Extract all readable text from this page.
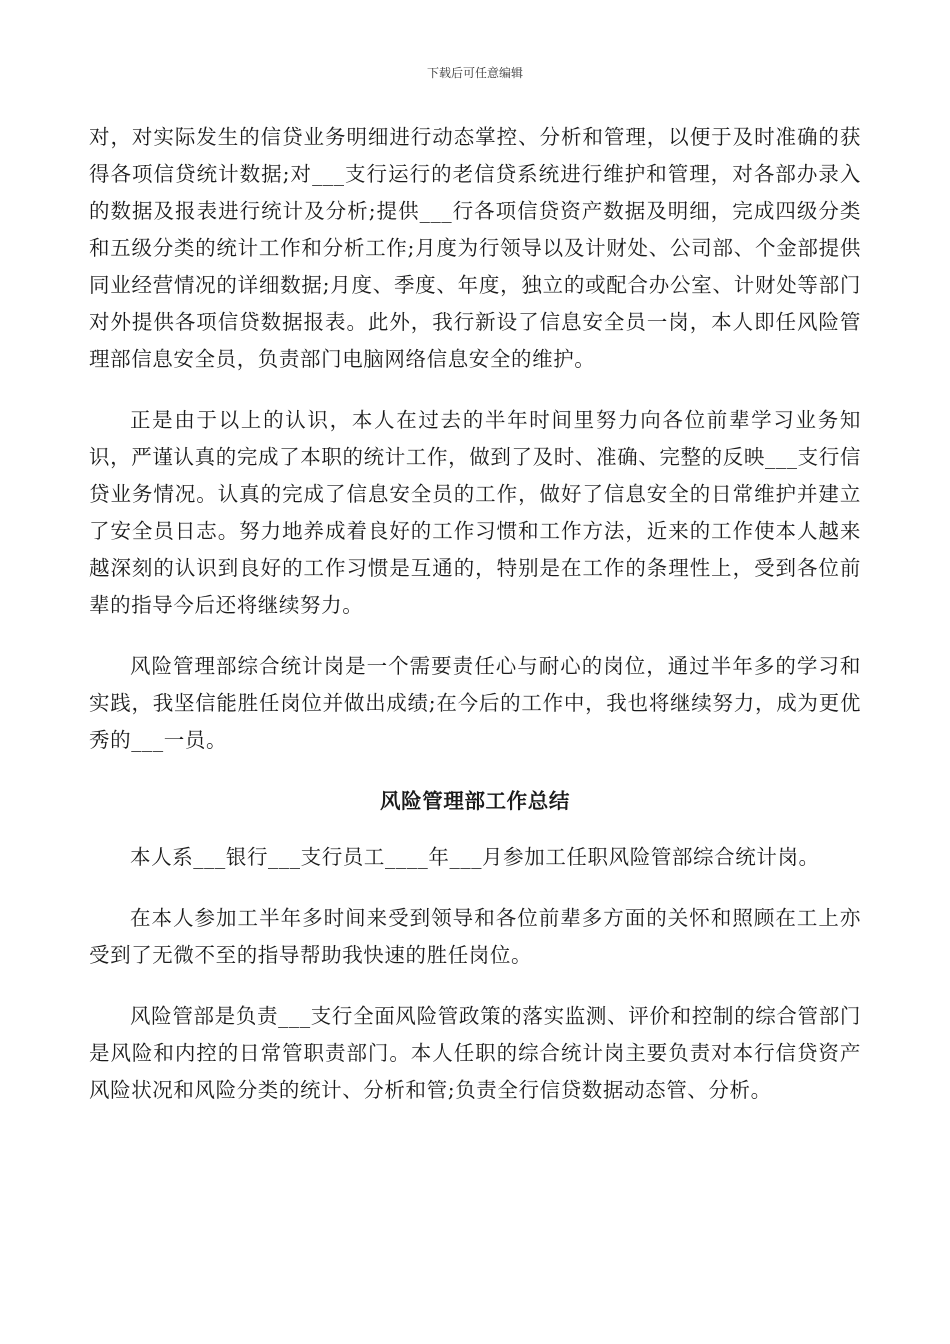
下载后可任意编辑

对，对实际发生的信贷业务明细进行动态掌控、分析和管理，以便于及时准确的获得各项信贷统计数据;对___支行运行的老信贷系统进行维护和管理，对各部办录入的数据及报表进行统计及分析;提供___行各项信贷资产数据及明细，完成四级分类和五级分类的统计工作和分析工作;月度为行领导以及计财处、公司部、个金部提供同业经营情况的详细数据;月度、季度、年度，独立的或配合办公室、计财处等部门对外提供各项信贷数据报表。此外，我行新设了信息安全员一岗，本人即任风险管理部信息安全员，负责部门电脑网络信息安全的维护。

正是由于以上的认识，本人在过去的半年时间里努力向各位前辈学习业务知识，严谨认真的完成了本职的统计工作，做到了及时、准确、完整的反映___支行信贷业务情况。认真的完成了信息安全员的工作，做好了信息安全的日常维护并建立了安全员日志。努力地养成着良好的工作习惯和工作方法，近来的工作使本人越来越深刻的认识到良好的工作习惯是互通的，特别是在工作的条理性上，受到各位前辈的指导今后还将继续努力。

风险管理部综合统计岗是一个需要责任心与耐心的岗位，通过半年多的学习和实践，我坚信能胜任岗位并做出成绩;在今后的工作中，我也将继续努力，成为更优秀的___一员。

风险管理部工作总结

本人系___银行___支行员工____年___月参加工任职风险管部综合统计岗。

在本人参加工半年多时间来受到领导和各位前辈多方面的关怀和照顾在工上亦受到了无微不至的指导帮助我快速的胜任岗位。

风险管部是负责___支行全面风险管政策的落实监测、评价和控制的综合管部门是风险和内控的日常管职责部门。本人任职的综合统计岗主要负责对本行信贷资产风险状况和风险分类的统计、分析和管;负责全行信贷数据动态管、分析。
